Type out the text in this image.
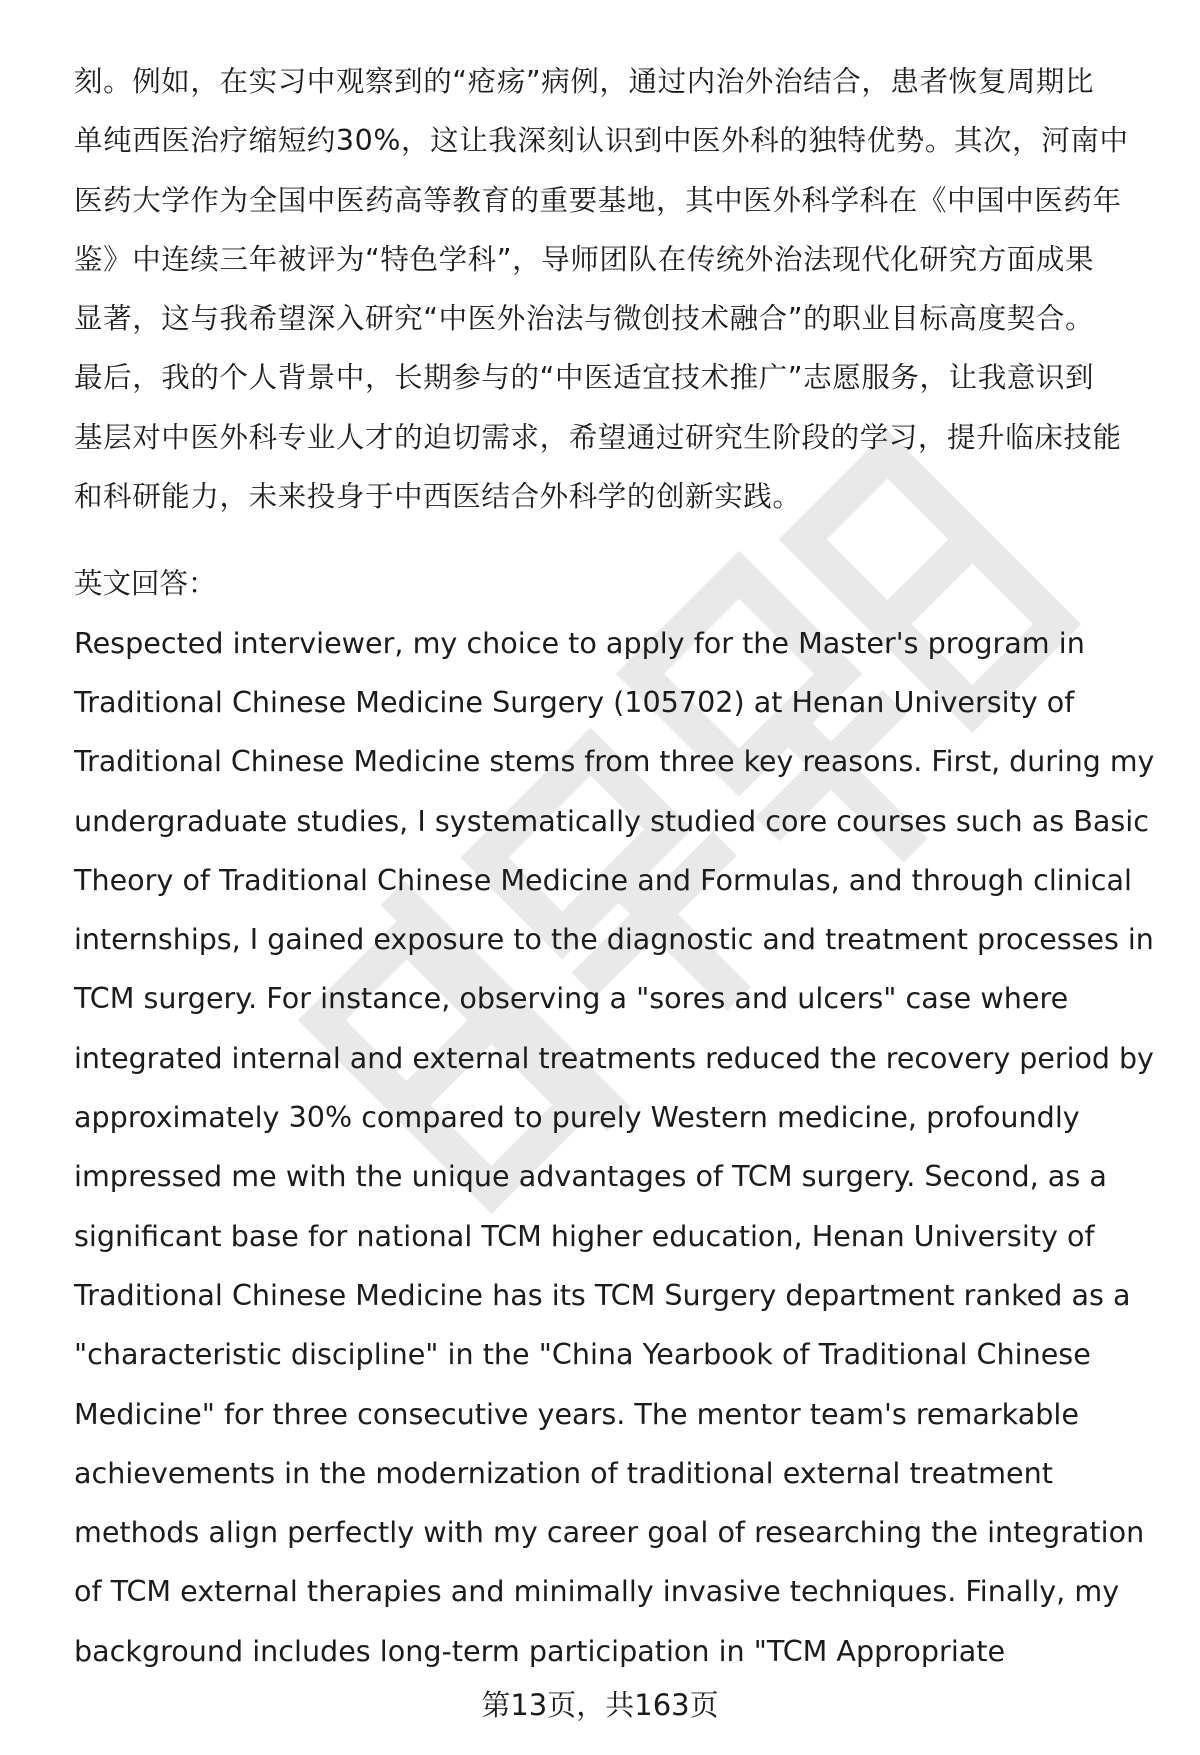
刻。例如，在实习中观察到的“疮疡”病例，通过内治外治结合，患者恢复周期比
单纯西医治疗缩短约30%，这让我深刻认识到中医外科的独特优势。其次，河南中
医药大学作为全国中医药高等教育的重要基地，其中医外科学科在《中国中医药年
鉴》中连续三年被评为“特色学科”，导师团队在传统外治法现代化研究方面成果
显著，这与我希望深入研究“中医外治法与微创技术融合”的职业目标高度契合。
最后，我的个人背景中，长期参与的“中医适宜技术推广”志愿服务，让我意识到
基层对中医外科专业人才的迫切需求，希望通过研究生阶段的学习，提升临床技能
和科研能力，未来投身于中西医结合外科学的创新实践。
英文回答：
Respected interviewer, my choice to apply for the Master's program in
Traditional Chinese Medicine Surgery (105702) at Henan University of
Traditional Chinese Medicine stems from three key reasons. First, during my
undergraduate studies, I systematically studied core courses such as Basic
Theory of Traditional Chinese Medicine and Formulas, and through clinical
internships, I gained exposure to the diagnostic and treatment processes in
TCM surgery. For instance, observing a "sores and ulcers" case where
integrated internal and external treatments reduced the recovery period by
approximately 30% compared to purely Western medicine, profoundly
impressed me with the unique advantages of TCM surgery. Second, as a
significant base for national TCM higher education, Henan University of
Traditional Chinese Medicine has its TCM Surgery department ranked as a
"characteristic discipline" in the "China Yearbook of Traditional Chinese
Medicine" for three consecutive years. The mentor team's remarkable
achievements in the modernization of traditional external treatment
methods align perfectly with my career goal of researching the integration
of TCM external therapies and minimally invasive techniques. Finally, my
background includes long-term participation in "TCM Appropriate
第13页，共163页
